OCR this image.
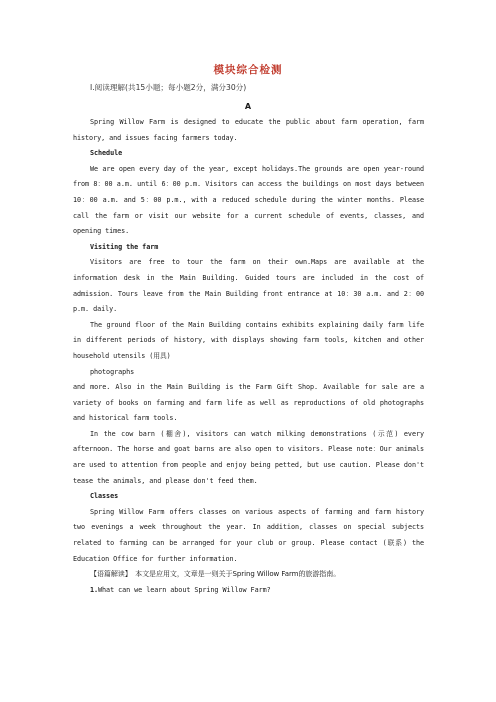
模块综合检测
Ⅰ.阅读理解(共15小题；每小题2分，满分30分)
A

Spring Willow Farm is designed to educate the public about farm operation, farm history, and issues facing farmers today.

Schedule

We are open every day of the year, except holidays.The grounds are open year-round from 8：00 a.m. until 6：00 p.m. Visitors can access the buildings on most days between 10：00 a.m. and 5：00 p.m., with a reduced schedule during the winter months. Please call the farm or visit our website for a current schedule of events, classes, and opening times.

Visiting the farm

Visitors are free to tour the farm on their own.Maps are available at the information desk in the Main Building. Guided tours are included in the cost of admission. Tours leave from the Main Building front entrance at 10：30 a.m. and 2：00 p.m. daily.

The ground floor of the Main Building contains exhibits explaining daily farm life in different periods of history, with displays showing farm tools, kitchen and other household utensils (用具)

photographs

and more. Also in the Main Building is the Farm Gift Shop. Available for sale are a variety of books on farming and farm life as well as reproductions of old photographs and historical farm tools.

In the cow barn (棚舍), visitors can watch milking demonstrations (示范) every afternoon. The horse and goat barns are also open to visitors. Please note：Our animals are used to attention from people and enjoy being petted, but use caution. Please don't tease the animals, and please don't feed them.

Classes

Spring Willow Farm offers classes on various aspects of farming and farm history two evenings a week throughout the year. In addition, classes on special subjects related to farming can be arranged for your club or group. Please contact (联系) the Education Office for further information.

【语篇解读】　本文是应用文，文章是一则关于Spring Willow Farm的旅游指南。

1.What can we learn about Spring Willow Farm?
